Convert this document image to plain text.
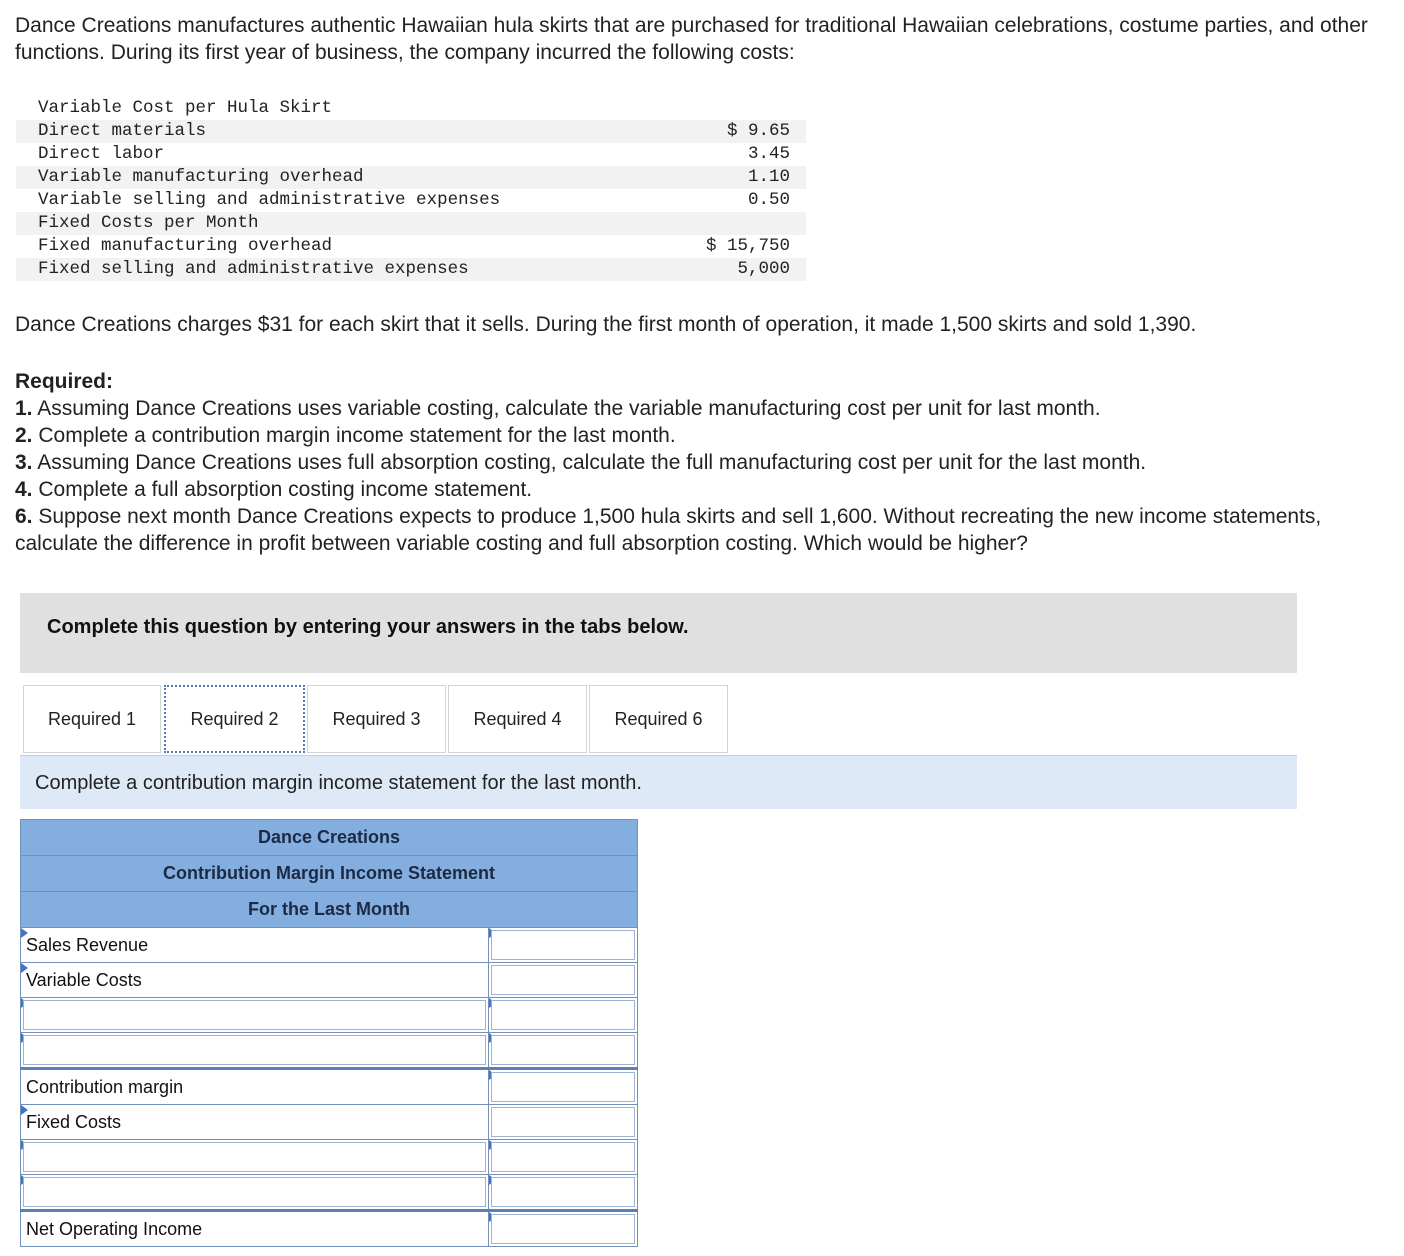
Dance Creations manufactures authentic Hawaiian hula skirts that are purchased for traditional Hawaiian celebrations, costume parties, and other functions. During its first year of business, the company incurred the following costs:

Variable Cost per Hula Skirt	
Direct materials	$ 9.65
Direct labor	3.45
Variable manufacturing overhead	1.10
Variable selling and administrative expenses	0.50
Fixed Costs per Month	
Fixed manufacturing overhead	$ 15,750
Fixed selling and administrative expenses	5,000

Dance Creations charges $31 for each skirt that it sells. During the first month of operation, it made 1,500 skirts and sold 1,390.

Required:
1. Assuming Dance Creations uses variable costing, calculate the variable manufacturing cost per unit for last month.
2. Complete a contribution margin income statement for the last month.
3. Assuming Dance Creations uses full absorption costing, calculate the full manufacturing cost per unit for the last month.
4. Complete a full absorption costing income statement.
6. Suppose next month Dance Creations expects to produce 1,500 hula skirts and sell 1,600. Without recreating the new income statements, calculate the difference in profit between variable costing and full absorption costing. Which would be higher?
Complete this question by entering your answers in the tabs below.
Required 1	Required 2	Required 3	Required 4	Required 6
Complete a contribution margin income statement for the last month.
Dance Creations	
Contribution Margin Income Statement	
For the Last Month	

Sales Revenue	

Variable Costs	

Contribution margin	

Fixed Costs	

Net Operating Income	
